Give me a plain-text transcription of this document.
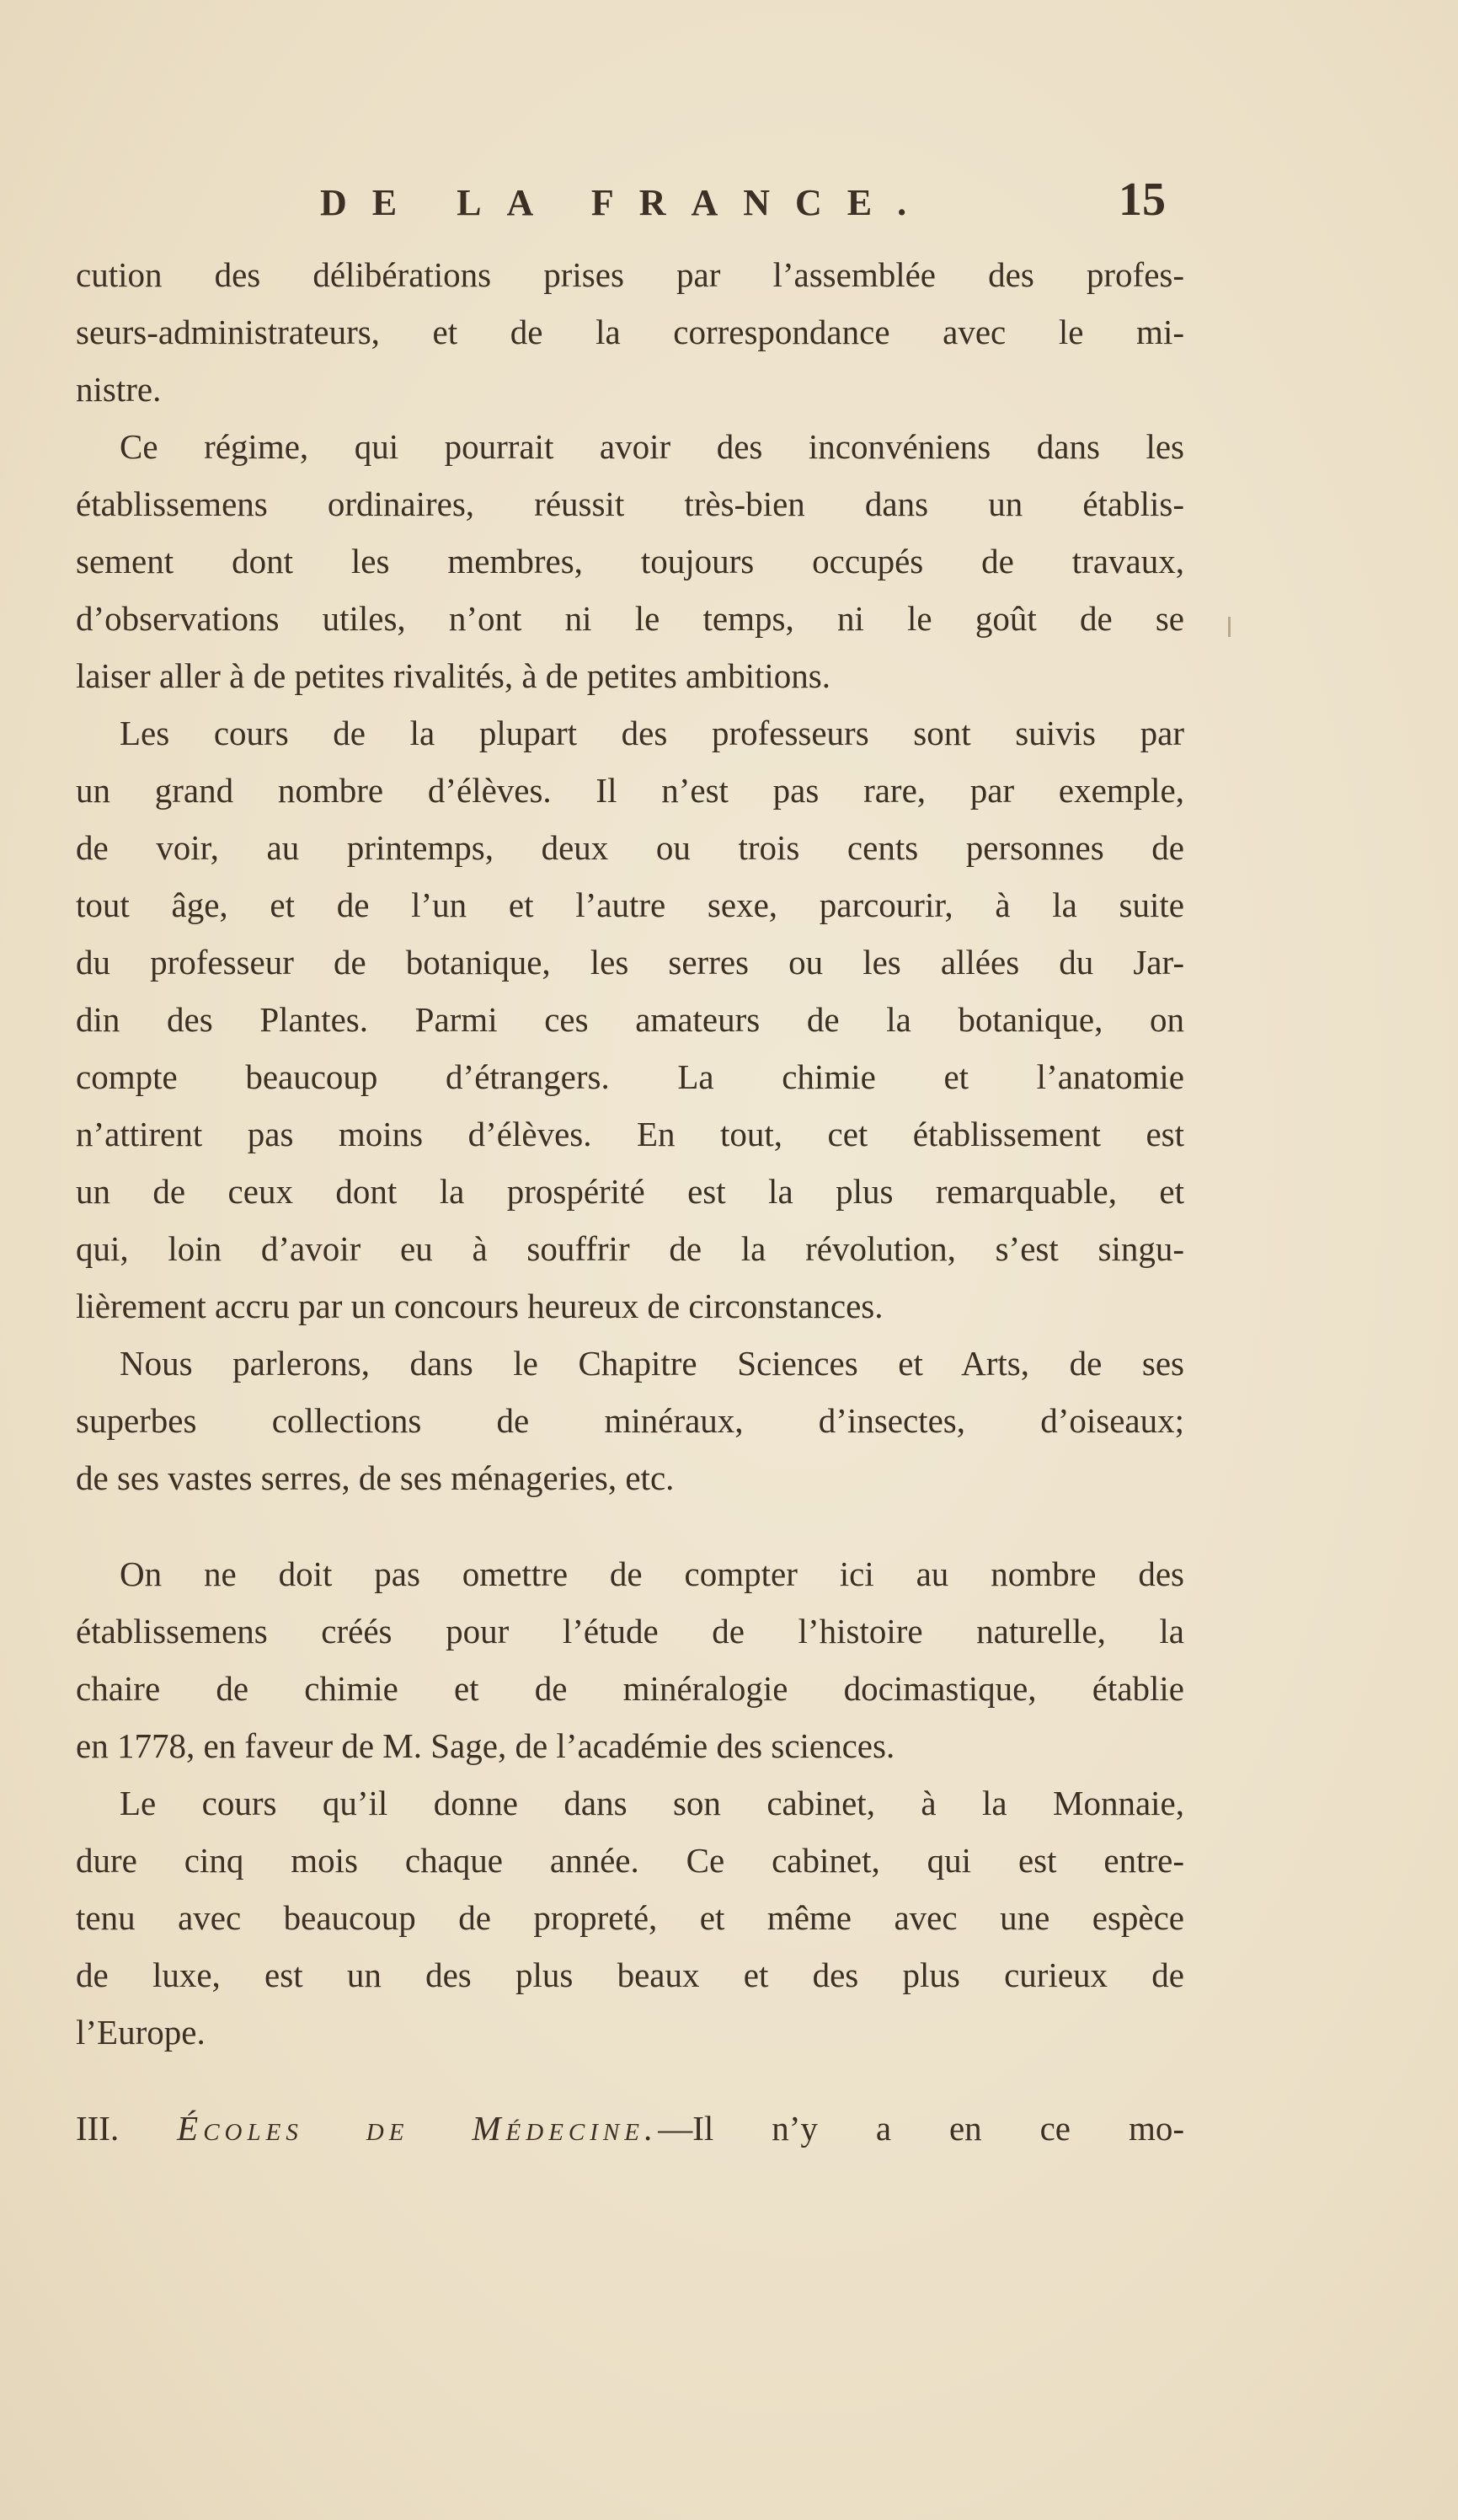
DE LA FRANCE.	15
cution des délibérations prises par l’assemblée des profes-
seurs-administrateurs, et de la correspondance avec le mi-
nistre.
Ce régime, qui pourrait avoir des inconvéniens dans les
établissemens ordinaires, réussit très-bien dans un établis-
sement dont les membres, toujours occupés de travaux,
d’observations utiles, n’ont ni le temps, ni le goût de se
laiser aller à de petites rivalités, à de petites ambitions.
Les cours de la plupart des professeurs sont suivis par
un grand nombre d’élèves. Il n’est pas rare, par exemple,
de voir, au printemps, deux ou trois cents personnes de
tout âge, et de l’un et l’autre sexe, parcourir, à la suite
du professeur de botanique, les serres ou les allées du Jar-
din des Plantes. Parmi ces amateurs de la botanique, on
compte beaucoup d’étrangers. La chimie et l’anatomie
n’attirent pas moins d’élèves. En tout, cet établissement est
un de ceux dont la prospérité est la plus remarquable, et
qui, loin d’avoir eu à souffrir de la révolution, s’est singu-
lièrement accru par un concours heureux de circonstances.
Nous parlerons, dans le Chapitre Sciences et Arts, de ses
superbes collections de minéraux, d’insectes, d’oiseaux;
de ses vastes serres, de ses ménageries, etc.
On ne doit pas omettre de compter ici au nombre des
établissemens créés pour l’étude de l’histoire naturelle, la
chaire de chimie et de minéralogie docimastique, établie
en 1778, en faveur de M. Sage, de l’académie des sciences.
Le cours qu’il donne dans son cabinet, à la Monnaie,
dure cinq mois chaque année. Ce cabinet, qui est entre-
tenu avec beaucoup de propreté, et même avec une espèce
de luxe, est un des plus beaux et des plus curieux de
l’Europe.
III. Écoles de Médecine.—Il n’y a en ce mo-
